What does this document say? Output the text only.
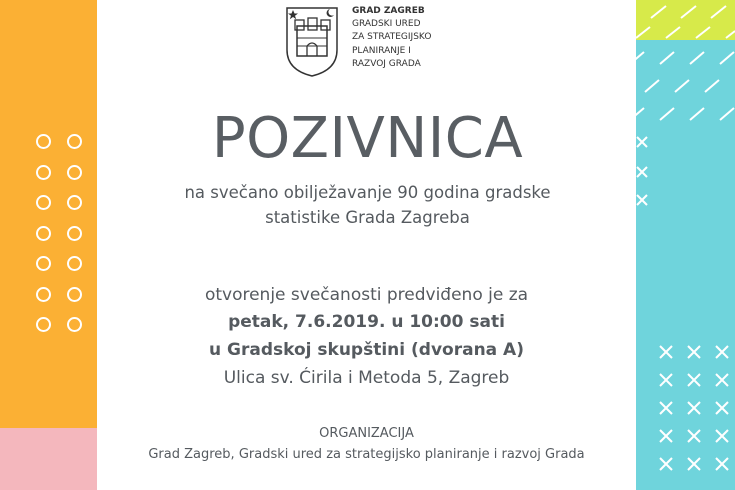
GRAD ZAGREB
GRADSKI URED
ZA STRATEGIJSKO
PLANIRANJE I
RAZVOJ GRADA
POZIVNICA
na svečano obilježavanje 90 godina gradske
statistike Grada Zagreba
otvorenje svečanosti predviđeno je za
petak, 7.6.2019. u 10:00 sati
u Gradskoj skupštini (dvorana A)
Ulica sv. Ćirila i Metoda 5, Zagreb
ORGANIZACIJA
Grad Zagreb, Gradski ured za strategijsko planiranje i razvoj Grada
